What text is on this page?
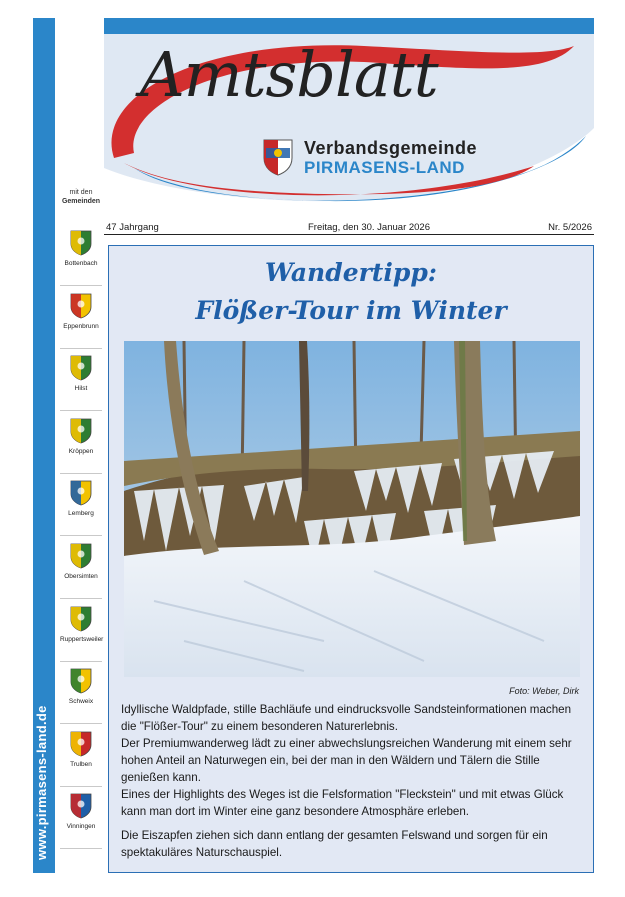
mit den
Gemeinden
Bottenbach
Eppenbrunn
Hilst
Kröppen
Lemberg
Obersimten
Ruppertsweiler
Schweix
Trulben
Vinningen
Amtsblatt
Verbandsgemeinde
PIRMASENS-LAND
47 Jahrgang	Freitag, den 30. Januar 2026	Nr. 5/2026
Wandertipp:
Flößer-Tour im Winter
Foto: Weber, Dirk

Idyllische Waldpfade, stille Bachläufe und eindrucksvolle Sandsteinformationen machen die "Flößer-Tour" zu einem besonderen Naturerlebnis.

Der Premiumwanderweg lädt zu einer abwechslungsreichen Wanderung mit einem sehr hohen Anteil an Naturwegen ein, bei der man in den Wäldern und Tälern die Stille genießen kann.

Eines der Highlights des Weges ist die Felsformation "Fleckstein" und mit etwas Glück kann man dort im Winter eine ganz besondere Atmosphäre erleben.

Die Eiszapfen ziehen sich dann entlang der gesamten Felswand und sorgen für ein spektakuläres Naturschauspiel.
